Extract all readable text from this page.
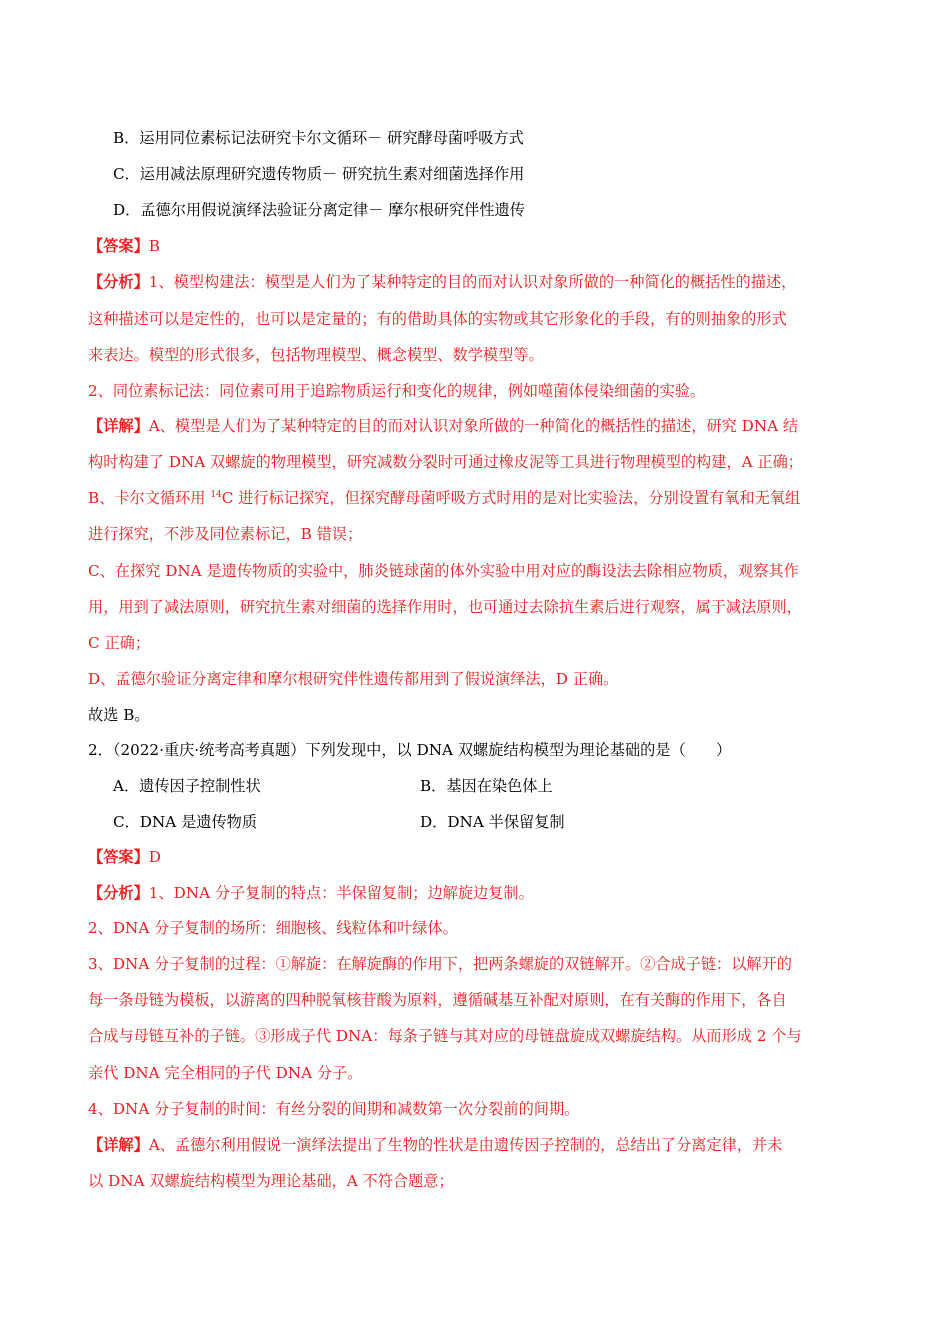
B．运用同位素标记法研究卡尔文循环－ 研究酵母菌呼吸方式
C．运用减法原理研究遗传物质－ 研究抗生素对细菌选择作用
D．孟德尔用假说演绎法验证分离定律－ 摩尔根研究伴性遗传
【答案】B
【分析】1、模型构建法：模型是人们为了某种特定的目的而对认识对象所做的一种简化的概括性的描述，
这种描述可以是定性的，也可以是定量的；有的借助具体的实物或其它形象化的手段，有的则抽象的形式
来表达。模型的形式很多，包括物理模型、概念模型、数学模型等。
2、同位素标记法：同位素可用于追踪物质运行和变化的规律，例如噬菌体侵染细菌的实验。
【详解】A、模型是人们为了某种特定的目的而对认识对象所做的一种简化的概括性的描述，研究 DNA 结
构时构建了 DNA 双螺旋的物理模型，研究减数分裂时可通过橡皮泥等工具进行物理模型的构建，A 正确；
B、卡尔文循环用 $^{14}$C 进行标记探究，但探究酵母菌呼吸方式时用的是对比实验法，分别设置有氧和无氧组
进行探究，不涉及同位素标记，B 错误；
C、在探究 DNA 是遗传物质的实验中，肺炎链球菌的体外实验中用对应的酶设法去除相应物质，观察其作
用，用到了减法原则，研究抗生素对细菌的选择作用时，也可通过去除抗生素后进行观察，属于减法原则，
C 正确；
D、孟德尔验证分离定律和摩尔根研究伴性遗传都用到了假说演绎法，D 正确。
故选 B。
2．（2022·重庆·统考高考真题）下列发现中，以 DNA 双螺旋结构模型为理论基础的是（　　）
A．遗传因子控制性状	B．基因在染色体上
C．DNA 是遗传物质	D．DNA 半保留复制
【答案】D
【分析】1、DNA 分子复制的特点：半保留复制；边解旋边复制。
2、DNA 分子复制的场所：细胞核、线粒体和叶绿体。
3、DNA 分子复制的过程：①解旋：在解旋酶的作用下，把两条螺旋的双链解开。②合成子链：以解开的
每一条母链为模板，以游离的四种脱氧核苷酸为原料，遵循碱基互补配对原则，在有关酶的作用下，各自
合成与母链互补的子链。③形成子代 DNA：每条子链与其对应的母链盘旋成双螺旋结构。从而形成 2 个与
亲代 DNA 完全相同的子代 DNA 分子。
4、DNA 分子复制的时间：有丝分裂的间期和减数第一次分裂前的间期。
【详解】A、孟德尔利用假说一演绎法提出了生物的性状是由遗传因子控制的，总结出了分离定律，并未
以 DNA 双螺旋结构模型为理论基础，A 不符合题意；
